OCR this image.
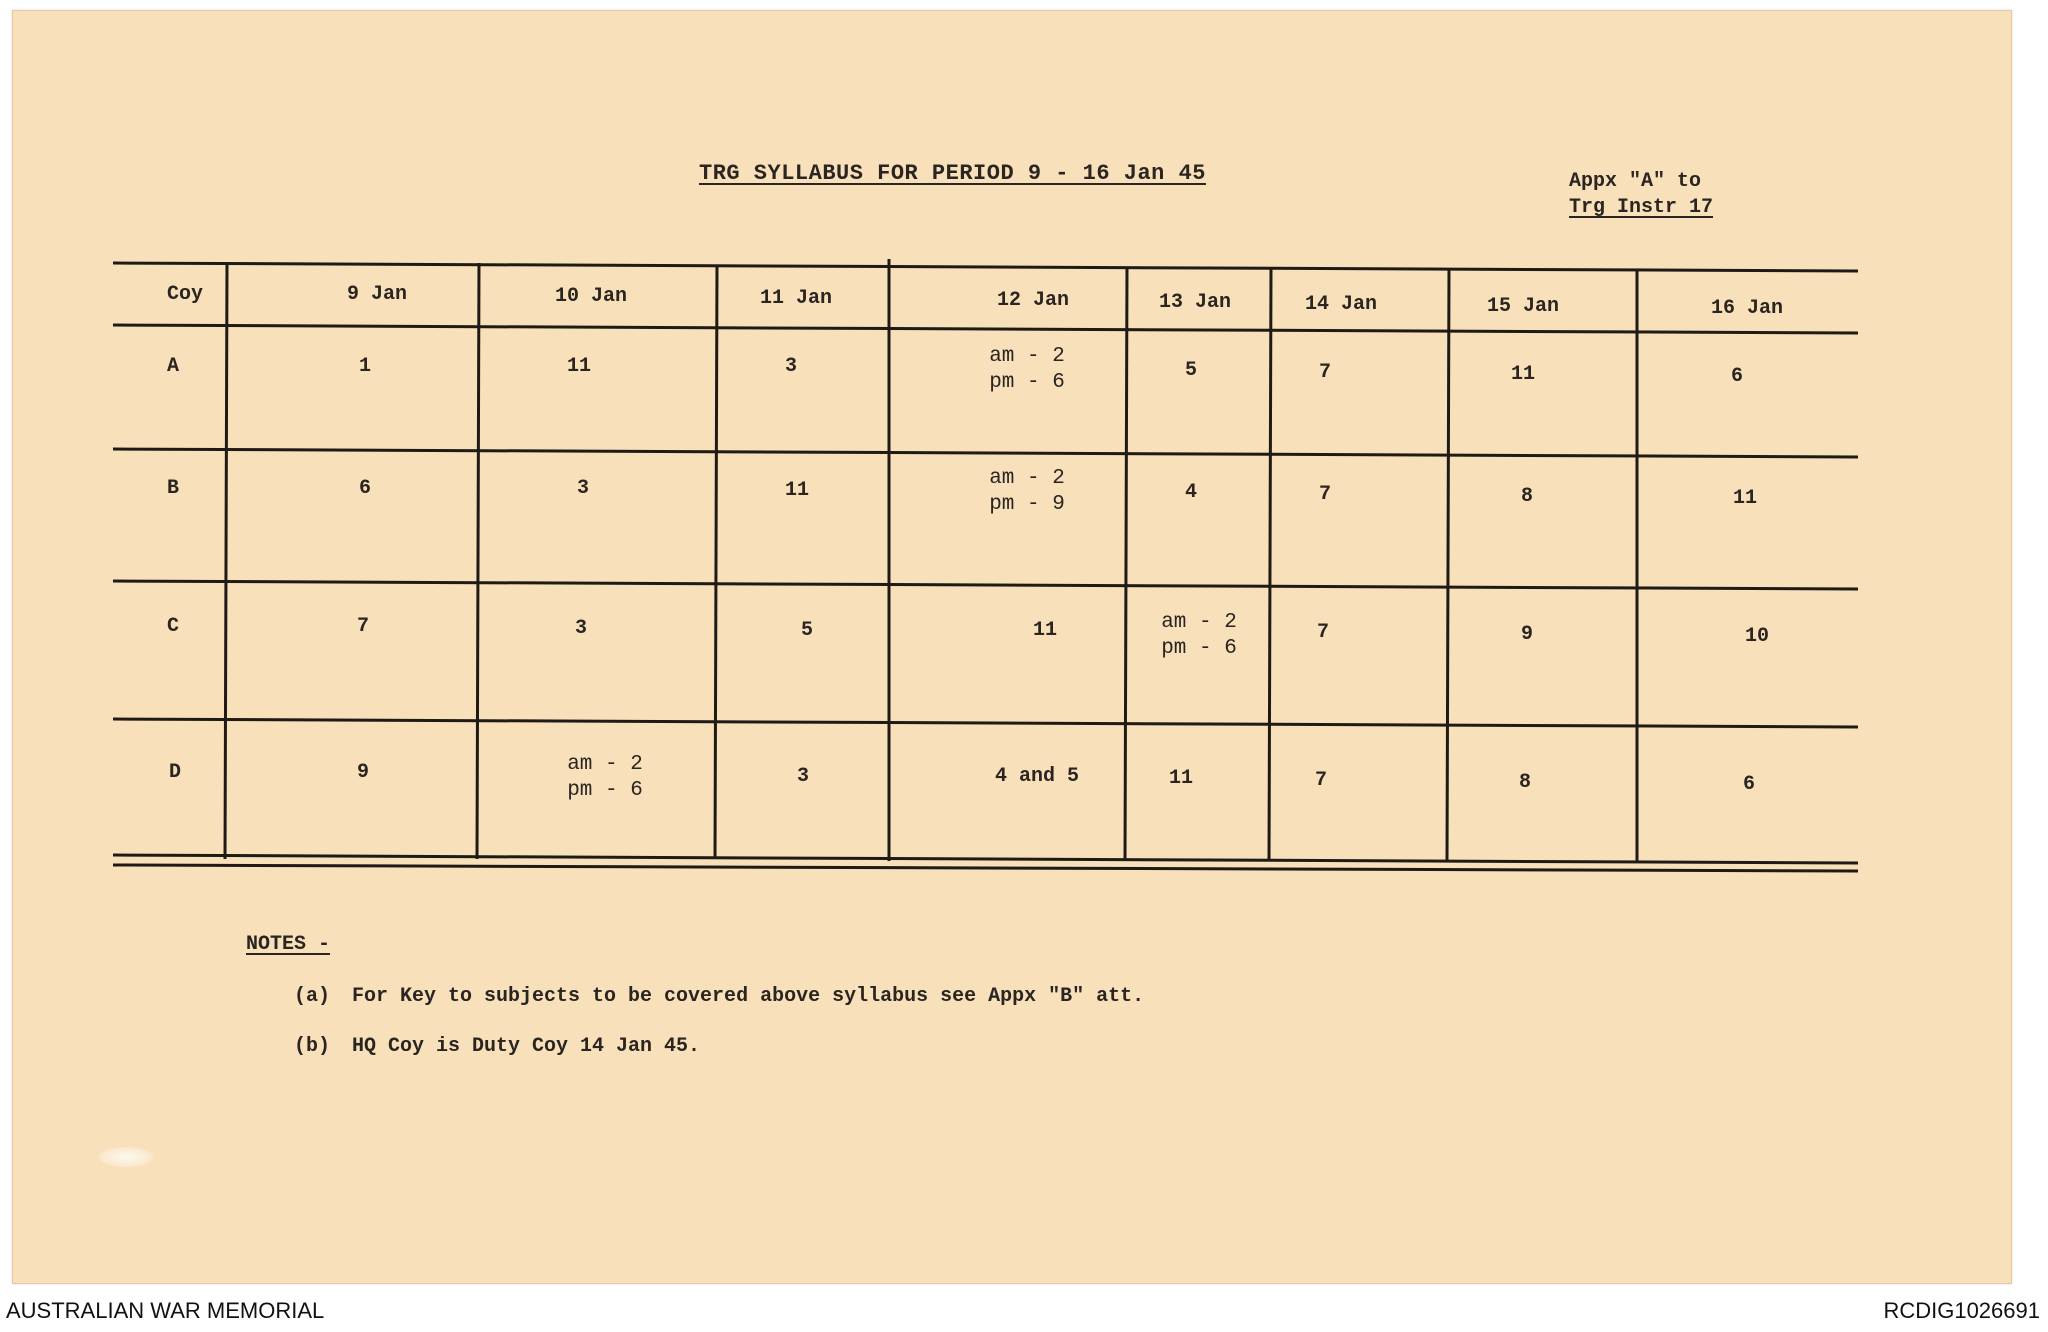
TRG SYLLABUS FOR PERIOD 9 - 16 Jan 45	Appx "A" to
Trg Instr 17
Coy	9 Jan	10 Jan	11 Jan	12 Jan	13 Jan	14 Jan	15 Jan	16 Jan
A	1	11	3	am - 2
pm - 6
5	7	11	6
B	6	3	11
am - 2
pm - 9
4	7	8	11
C	7	3	5	11	am - 2
pm - 6
7	9	10
D	9	am - 2
pm - 6
3	4 and 5	11	7	8	6
NOTES -
(a) For Key to subjects to be covered above syllabus see Appx "B" att.
(b) HQ Coy is Duty Coy 14 Jan 45.
AUSTRALIAN WAR MEMORIAL	RCDIG1026691
